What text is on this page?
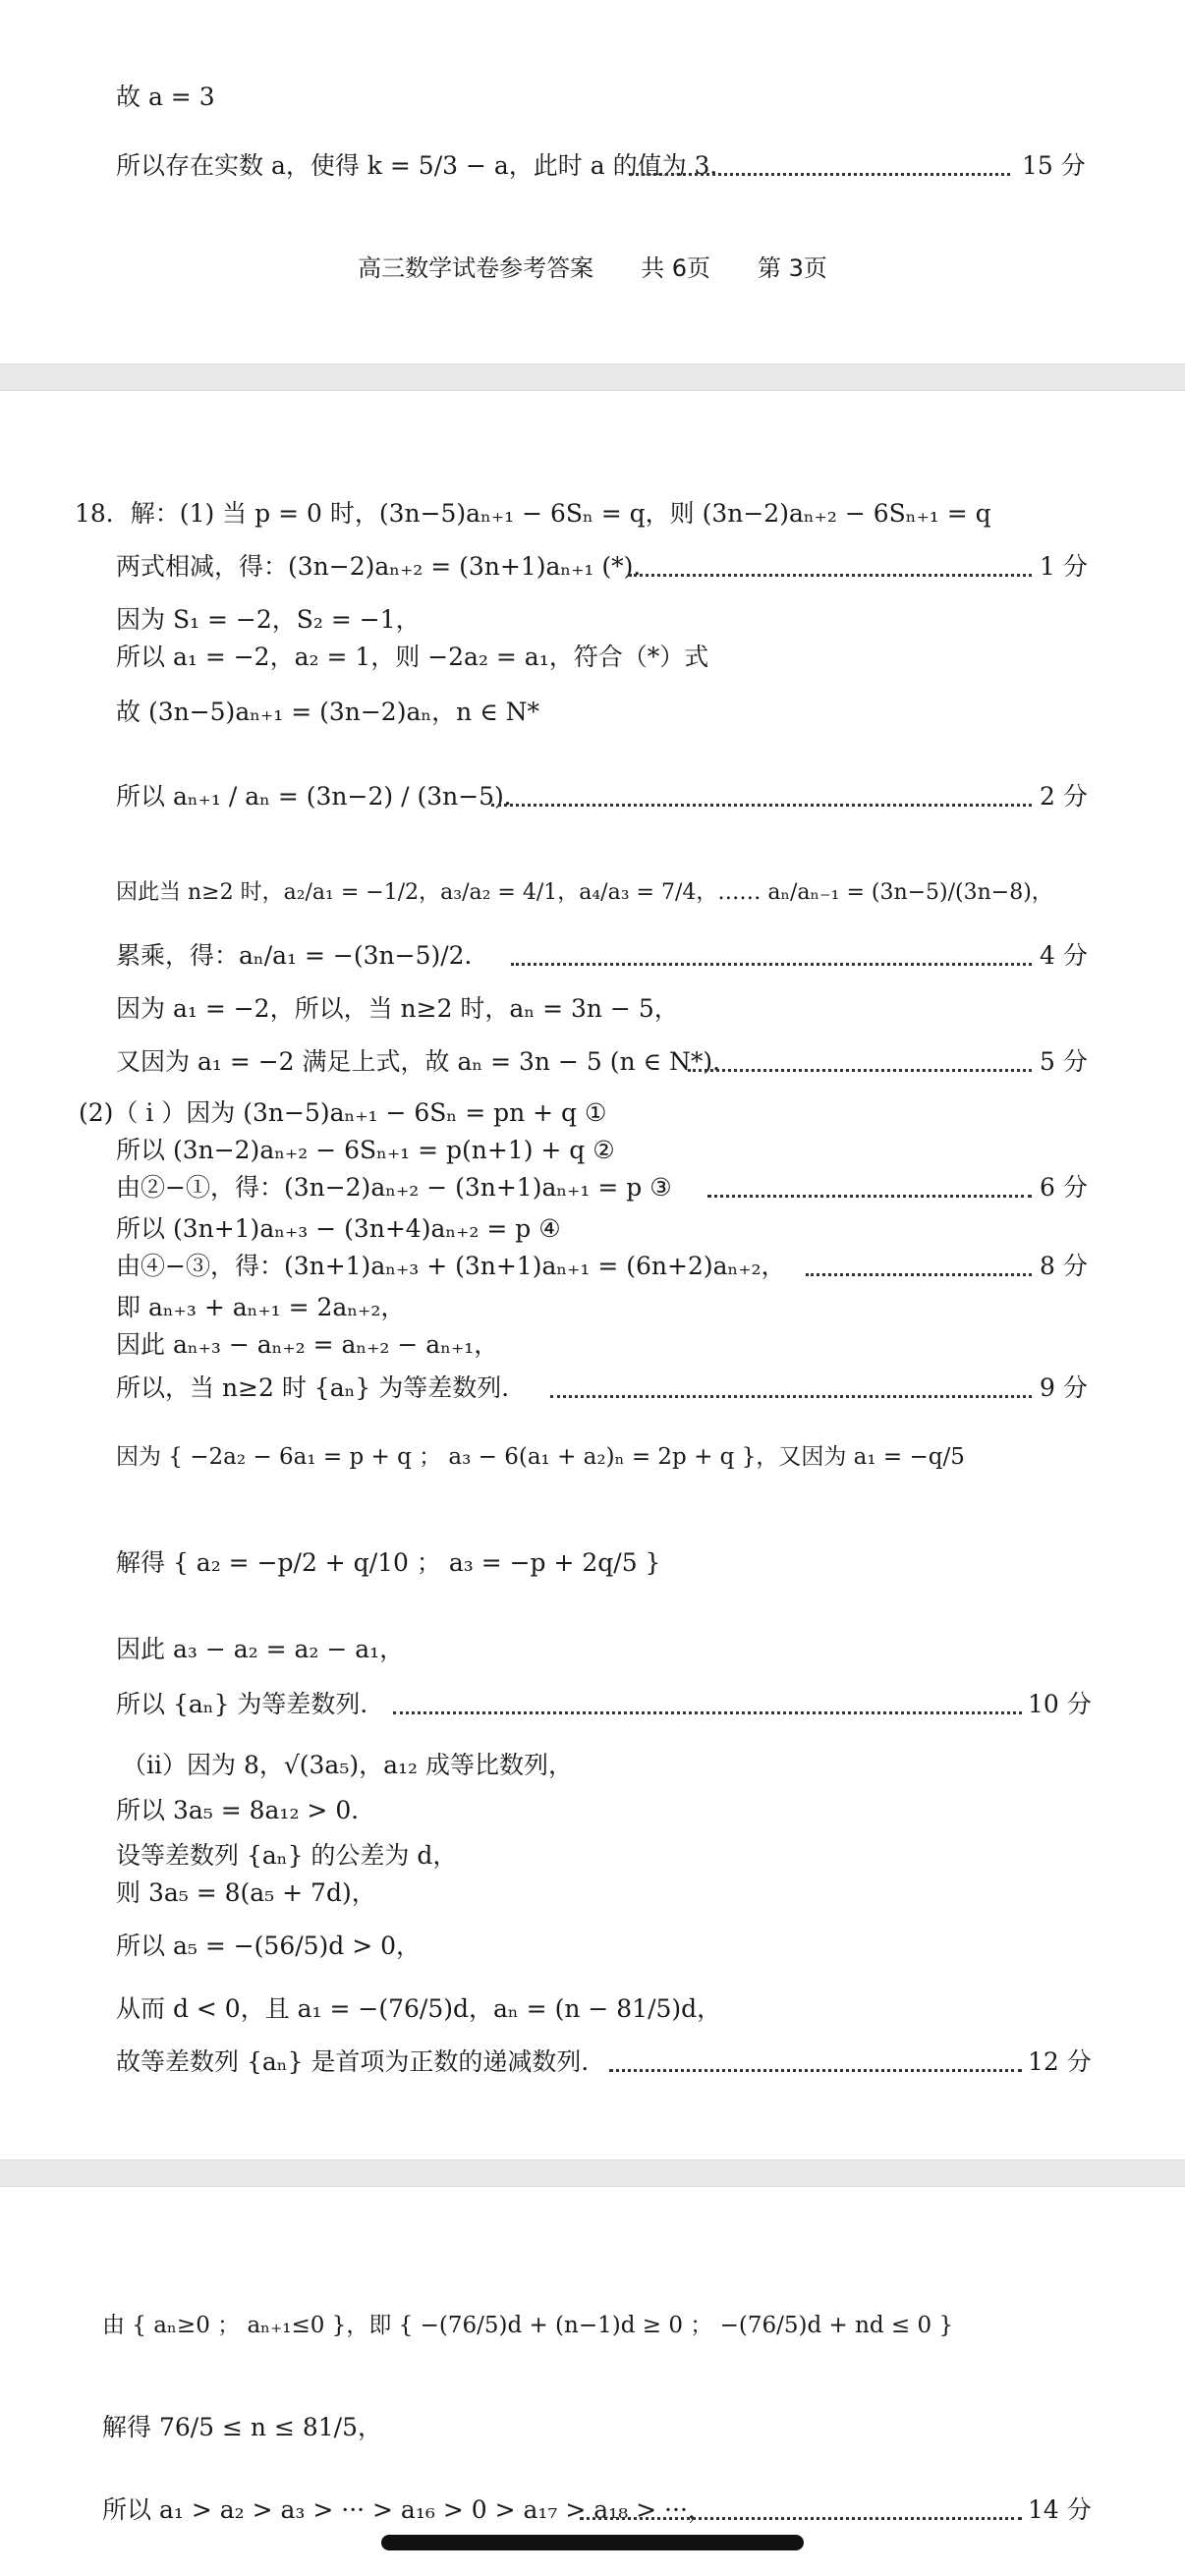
故 a = 3
所以存在实数 a，使得 k = 5/3 − a，此时 a 的值为 3．	15 分
高三数学试卷参考答案　　共 6页　　第 3页
18．解：(1) 当 p = 0 时，(3n−5)aₙ₊₁ − 6Sₙ = q，则 (3n−2)aₙ₊₂ − 6Sₙ₊₁ = q
两式相减，得：(3n−2)aₙ₊₂ = (3n+1)aₙ₊₁ (*)．	1 分
因为 S₁ = −2，S₂ = −1，
所以 a₁ = −2，a₂ = 1，则 −2a₂ = a₁，符合（*）式
故 (3n−5)aₙ₊₁ = (3n−2)aₙ，n ∈ N*
所以 aₙ₊₁ / aₙ = (3n−2) / (3n−5)．	2 分
因此当 n≥2 时，a₂/a₁ = −1/2，a₃/a₂ = 4/1，a₄/a₃ = 7/4，…… aₙ/aₙ₋₁ = (3n−5)/(3n−8)，
累乘，得：aₙ/a₁ = −(3n−5)/2．	4 分
因为 a₁ = −2，所以，当 n≥2 时，aₙ = 3n − 5，
又因为 a₁ = −2 满足上式，故 aₙ = 3n − 5 (n ∈ N*)．	5 分
(2)（ i ）因为 (3n−5)aₙ₊₁ − 6Sₙ = pn + q ①
所以 (3n−2)aₙ₊₂ − 6Sₙ₊₁ = p(n+1) + q ②
由②−①，得：(3n−2)aₙ₊₂ − (3n+1)aₙ₊₁ = p ③	6 分
所以 (3n+1)aₙ₊₃ − (3n+4)aₙ₊₂ = p ④
由④−③，得：(3n+1)aₙ₊₃ + (3n+1)aₙ₊₁ = (6n+2)aₙ₊₂，	8 分
即 aₙ₊₃ + aₙ₊₁ = 2aₙ₊₂，
因此 aₙ₊₃ − aₙ₊₂ = aₙ₊₂ − aₙ₊₁，
所以，当 n≥2 时 {aₙ} 为等差数列．	9 分
因为 { −2a₂ − 6a₁ = p + q ； a₃ − 6(a₁ + a₂)ₙ = 2p + q }，又因为 a₁ = −q/5
解得 { a₂ = −p/2 + q/10 ； a₃ = −p + 2q/5 }
因此 a₃ − a₂ = a₂ − a₁，
所以 {aₙ} 为等差数列．	10 分
（ii）因为 8，√(3a₅)，a₁₂ 成等比数列，
所以 3a₅ = 8a₁₂ > 0．
设等差数列 {aₙ} 的公差为 d，
则 3a₅ = 8(a₅ + 7d)，
所以 a₅ = −(56/5)d > 0，
从而 d < 0，且 a₁ = −(76/5)d，aₙ = (n − 81/5)d，
故等差数列 {aₙ} 是首项为正数的递减数列．	12 分
由 { aₙ≥0 ； aₙ₊₁≤0 }，即 { −(76/5)d + (n−1)d ≥ 0 ； −(76/5)d + nd ≤ 0 }
解得 76/5 ≤ n ≤ 81/5，
所以 a₁ > a₂ > a₃ > ··· > a₁₆ > 0 > a₁₇ > a₁₈ > ···，	14 分
